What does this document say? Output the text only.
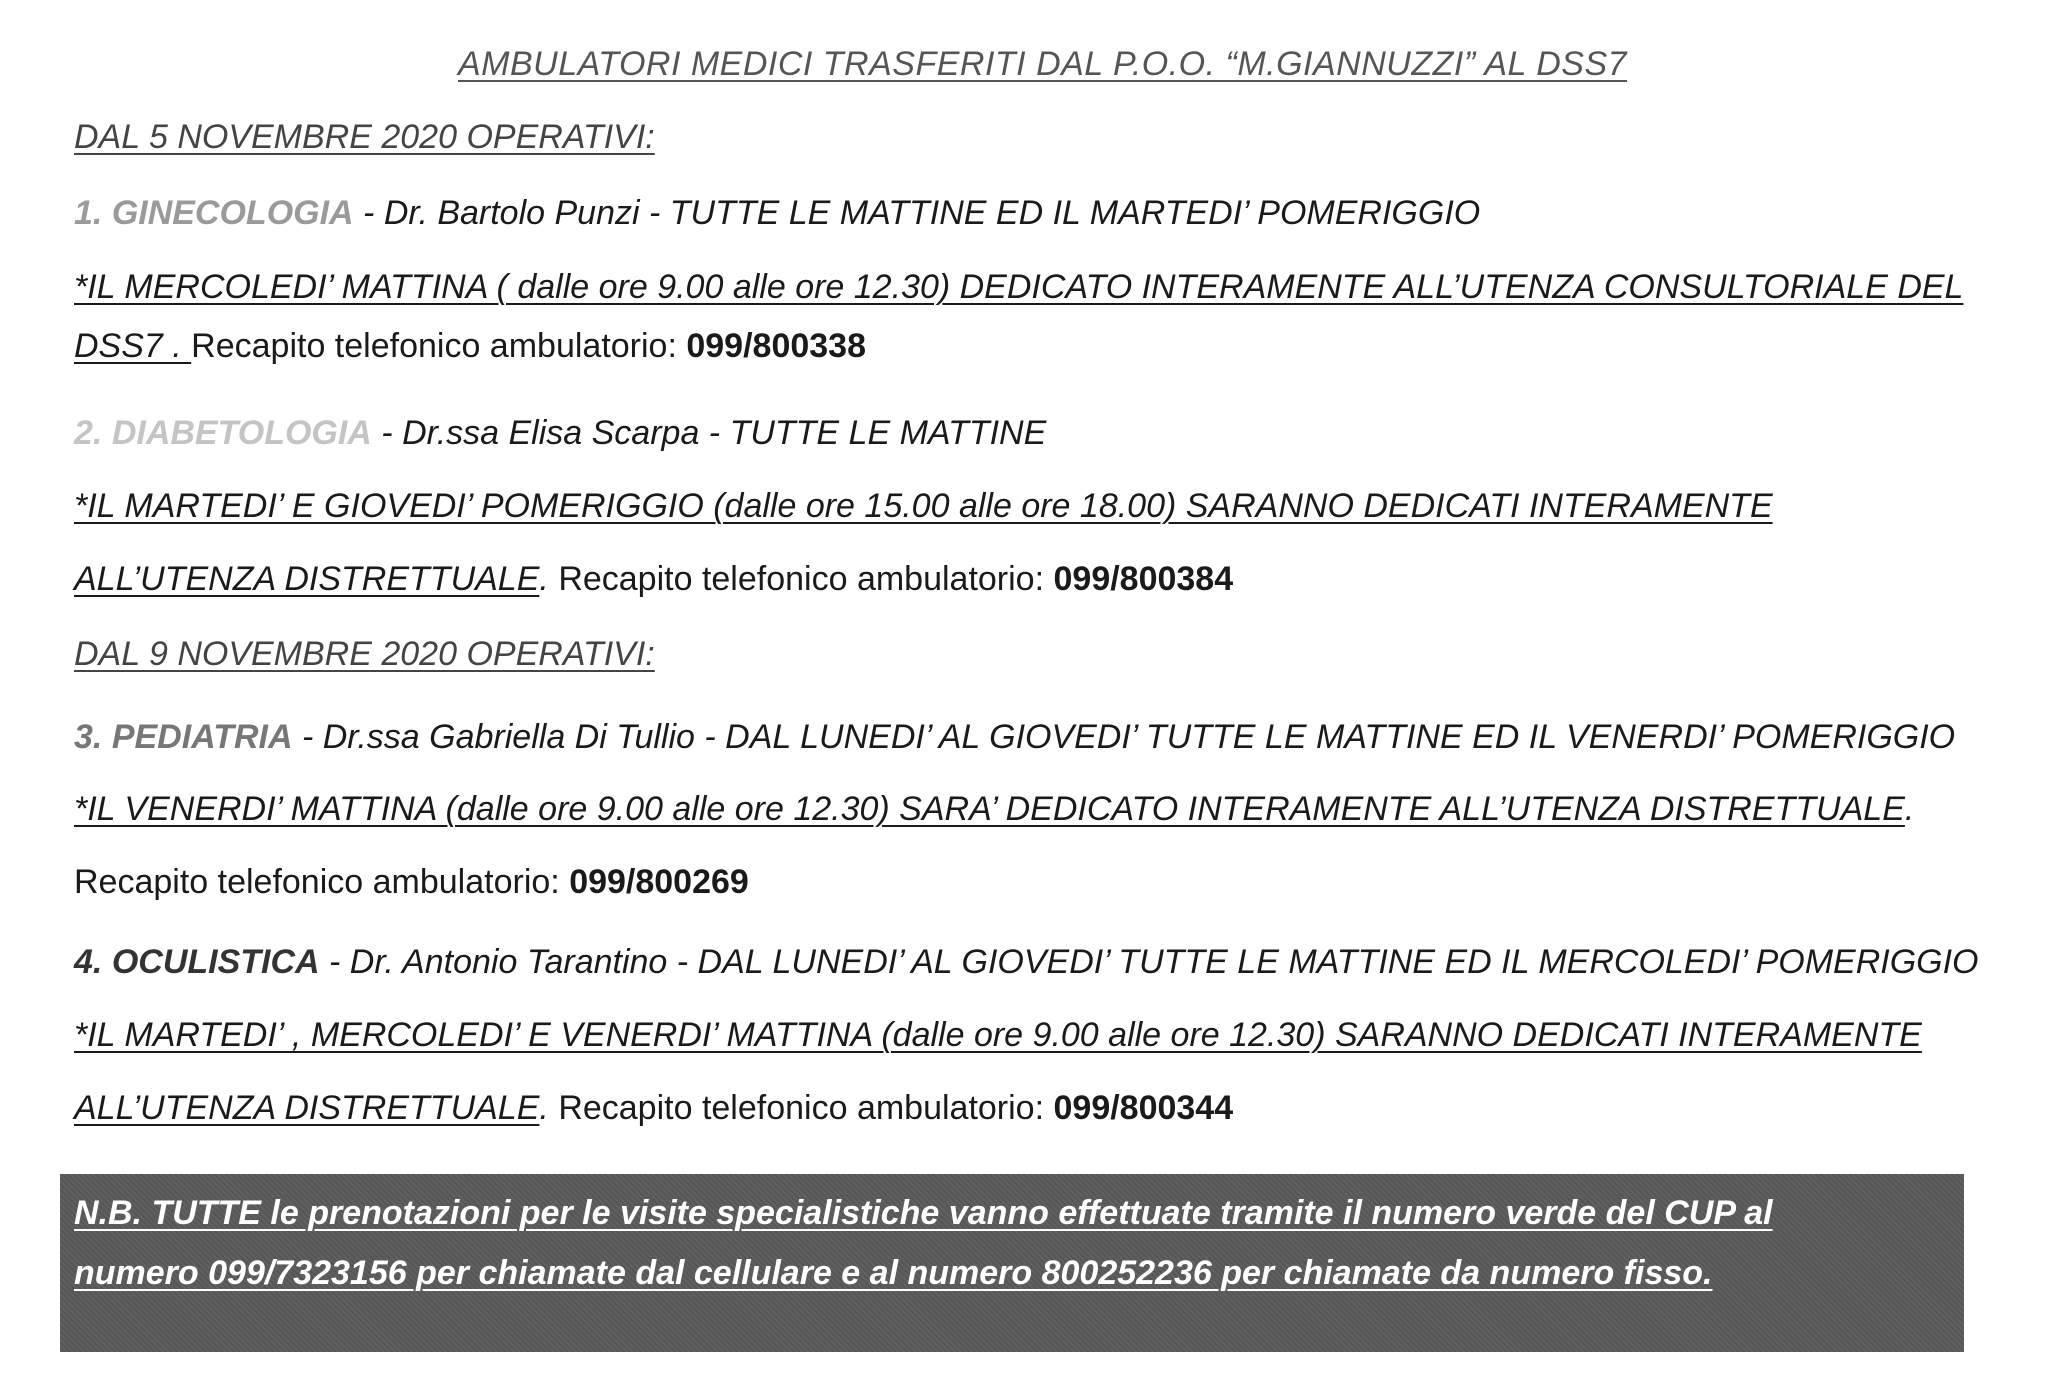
AMBULATORI MEDICI TRASFERITI DAL P.O.O. “M.GIANNUZZI” AL DSS7
DAL 5 NOVEMBRE 2020 OPERATIVI:
1. GINECOLOGIA - Dr. Bartolo Punzi - TUTTE LE MATTINE ED IL MARTEDI’ POMERIGGIO
*IL MERCOLEDI’ MATTINA ( dalle ore 9.00 alle ore 12.30) DEDICATO INTERAMENTE ALL’UTENZA CONSULTORIALE DEL
DSS7 . Recapito telefonico ambulatorio: 099/800338
2. DIABETOLOGIA - Dr.ssa Elisa Scarpa - TUTTE LE MATTINE
*IL MARTEDI’ E GIOVEDI’ POMERIGGIO (dalle ore 15.00 alle ore 18.00) SARANNO DEDICATI INTERAMENTE
ALL’UTENZA DISTRETTUALE. Recapito telefonico ambulatorio: 099/800384
DAL 9 NOVEMBRE 2020 OPERATIVI:
3. PEDIATRIA - Dr.ssa Gabriella Di Tullio - DAL LUNEDI’ AL GIOVEDI’ TUTTE LE MATTINE ED IL VENERDI’ POMERIGGIO
*IL VENERDI’ MATTINA (dalle ore 9.00 alle ore 12.30) SARA’ DEDICATO INTERAMENTE ALL’UTENZA DISTRETTUALE.
Recapito telefonico ambulatorio: 099/800269
4. OCULISTICA - Dr. Antonio Tarantino - DAL LUNEDI’ AL GIOVEDI’ TUTTE LE MATTINE ED IL MERCOLEDI’ POMERIGGIO
*IL MARTEDI’ , MERCOLEDI’ E VENERDI’ MATTINA (dalle ore 9.00 alle ore 12.30) SARANNO DEDICATI INTERAMENTE
ALL’UTENZA DISTRETTUALE. Recapito telefonico ambulatorio: 099/800344
N.B. TUTTE le prenotazioni per le visite specialistiche vanno effettuate tramite il numero verde del CUP al
numero 099/7323156 per chiamate dal cellulare e al numero 800252236 per chiamate da numero fisso.
